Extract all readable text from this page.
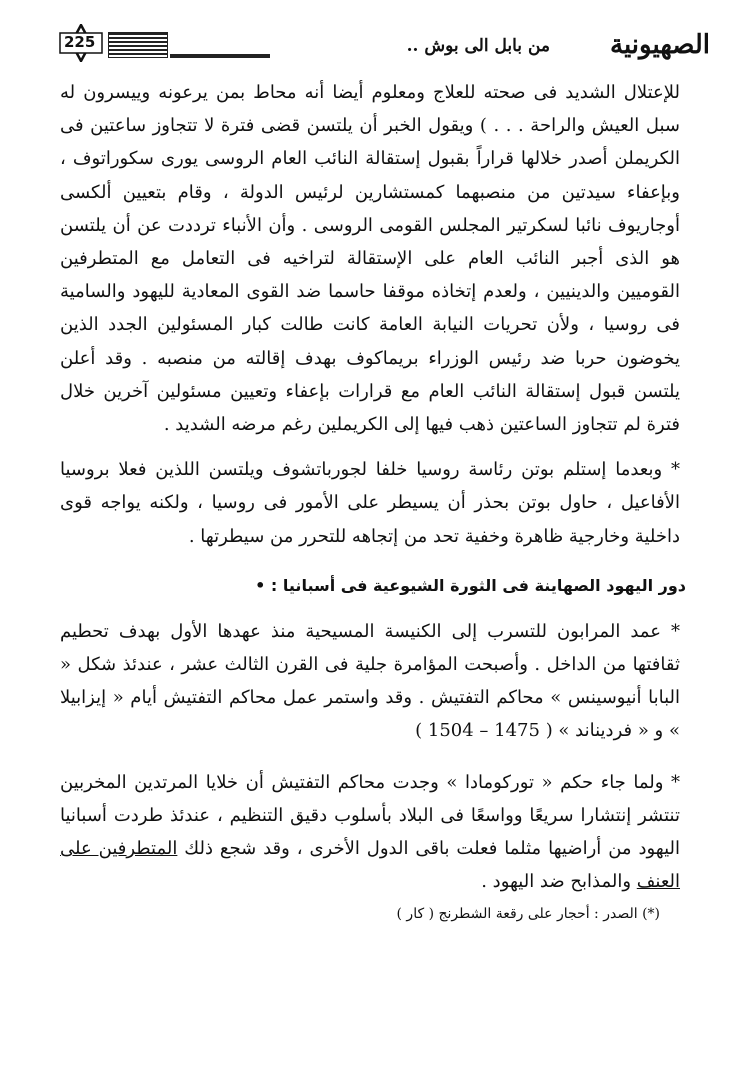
الصهيونية
من بابل الى بوش ..
225

للإعتلال الشديد فى صحته للعلاج ومعلوم أيضا أنه محاط بمن يرعونه وييسرون له سبل العيش والراحة . . . ) ويقول الخبر أن يلتسن قضى فترة لا تتجاوز ساعتين فى الكريملن أصدر خلالها قراراً بقبول إستقالة النائب العام الروسى يورى سكوراتوف ، وبإعفاء سيدتين من منصبهما كمستشارين لرئيس الدولة ، وقام بتعيين ألكسى أوجاريوف نائبا لسكرتير المجلس القومى الروسى . وأن الأنباء ترددت عن أن يلتسن هو الذى أجبر النائب العام على الإستقالة لتراخيه فى التعامل مع المتطرفين القوميين والدينيين ، ولعدم إتخاذه موقفا حاسما ضد القوى المعادية لليهود والسامية فى روسيا ، ولأن تحريات النيابة العامة كانت طالت كبار المسئولين الجدد الذين يخوضون حربا ضد رئيس الوزراء بريماكوف بهدف إقالته من منصبه . وقد أعلن يلتسن قبول إستقالة النائب العام مع قرارات بإعفاء وتعيين مسئولين آخرين خلال فترة لم تتجاوز الساعتين ذهب فيها إلى الكريملين رغم مرضه الشديد .

* وبعدما إستلم بوتن رئاسة روسيا خلفا لجورباتشوف ويلتسن اللذين فعلا بروسيا الأفاعيل ، حاول بوتن بحذر أن يسيطر على الأمور فى روسيا ، ولكنه يواجه قوى داخلية وخارجية ظاهرة وخفية تحد من إتجاهه للتحرر من سيطرتها .

دور اليهود الصهاينة فى الثورة الشيوعية فى أسبانيا : •

* عمد المرابون للتسرب إلى الكنيسة المسيحية منذ عهدها الأول بهدف تحطيم ثقافتها من الداخل . وأصبحت المؤامرة جلية فى القرن الثالث عشر ، عندئذ شكل « البابا أنيوسينس » محاكم التفتيش . وقد واستمر عمل محاكم التفتيش أيام « إيزابيلا » و « فرديناند » ( 1475 – 1504 )

* ولما جاء حكم « توركومادا » وجدت محاكم التفتيش أن خلايا المرتدين المخربين تنتشر إنتشارا سريعًا وواسعًا فى البلاد بأسلوب دقيق التنظيم ، عندئذ طردت أسبانيا اليهود من أراضيها مثلما فعلت باقى الدول الأخرى ، وقد شجع ذلك المتطرفين على العنف والمذابح ضد اليهود .

(*) الصدر : أحجار على رقعة الشطرنج ( كار )
